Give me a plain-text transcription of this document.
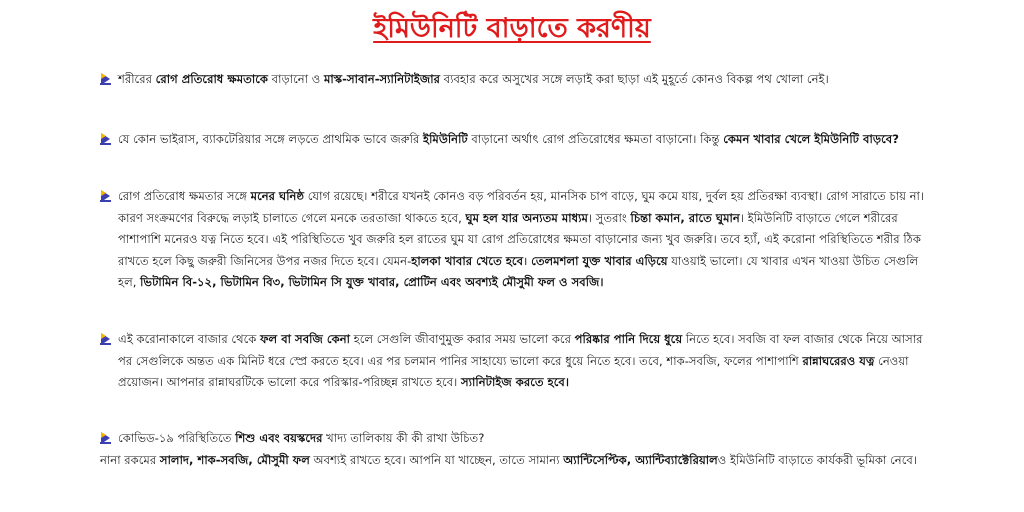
ইমিউনিটি বাড়াতে করণীয়
শরীরের রোগ প্রতিরোধ ক্ষমতাকে বাড়ানো ও মাস্ক-সাবান-স্যানিটাইজার ব্যবহার করে অসুখের সঙ্গে লড়াই করা ছাড়া এই মুহূর্তে কোনও বিকল্প পথ খোলা নেই।
যে কোন ভাইরাস, ব্যাকটেরিয়ার সঙ্গে লড়তে প্রাথমিক ভাবে জরুরি ইমিউনিটি বাড়ানো অর্থাৎ রোগ প্রতিরোধের ক্ষমতা বাড়ানো। কিন্তু কেমন খাবার খেলে ইমিউনিটি বাড়বে?
রোগ প্রতিরোধ ক্ষমতার সঙ্গে মনের ঘনিষ্ঠ যোগ রয়েছে। শরীরে যখনই কোনও বড় পরিবর্তন হয়, মানসিক চাপ বাড়ে, ঘুম কমে যায়, দুর্বল হয় প্রতিরক্ষা ব্যবস্থা। রোগ সারাতে চায় না। কারণ সংক্রমণের বিরুদ্ধে লড়াই চালাতে গেলে মনকে তরতাজা থাকতে হবে, ঘুম হল যার অন্যতম মাধ্যম। সুতরাং চিন্তা কমান, রাতে ঘুমান। ইমিউনিটি বাড়াতে গেলে শরীরের পাশাপাশি মনেরও যত্ন নিতে হবে। এই পরিস্থিতিতে খুব জরুরি হল রাতের ঘুম যা রোগ প্রতিরোধের ক্ষমতা বাড়ানোর জন্য খুব জরুরি। তবে হ্যাঁ, এই করোনা পরিস্থিতিতে শরীর ঠিক রাখতে হলে কিছু জরুরী জিনিসের উপর নজর দিতে হবে। যেমন-হালকা খাবার খেতে হবে। তেলমশলা যুক্ত খাবার এড়িয়ে যাওয়াই ভালো। যে খাবার এখন খাওয়া উচিত সেগুলি হল, ভিটামিন বি-১২, ভিটামিন বি৩, ভিটামিন সি যুক্ত খাবার, প্রোটিন এবং অবশ্যই মৌসুমী ফল ও সবজি।
এই করোনাকালে বাজার থেকে ফল বা সবজি কেনা হলে সেগুলি জীবাণুমুক্ত করার সময় ভালো করে পরিষ্কার পানি দিয়ে ধুয়ে নিতে হবে। সবজি বা ফল বাজার থেকে নিয়ে আসার পর সেগুলিকে অন্তত এক মিনিট ধরে স্প্রে করতে হবে। এর পর চলমান পানির সাহায্যে ভালো করে ধুয়ে নিতে হবে। তবে, শাক-সবজি, ফলের পাশাপাশি রান্নাঘরেরও যত্ন নেওয়া প্রয়োজন। আপনার রান্নাঘরটিকে ভালো করে পরিস্কার-পরিচ্ছন্ন রাখতে হবে। স্যানিটাইজ করতে হবে।
কোভিড-১৯ পরিস্থিতিতে শিশু এবং বয়স্কদের খাদ্য তালিকায় কী কী রাখা উচিত?
নানা রকমের সালাদ, শাক-সবজি, মৌসুমী ফল অবশ্যই রাখতে হবে। আপনি যা খাচ্ছেন, তাতে সামান্য অ্যান্টিসেপ্টিক, অ্যান্টিব্যাক্টেরিয়ালও ইমিউনিটি বাড়াতে কার্যকরী ভূমিকা নেবে।
